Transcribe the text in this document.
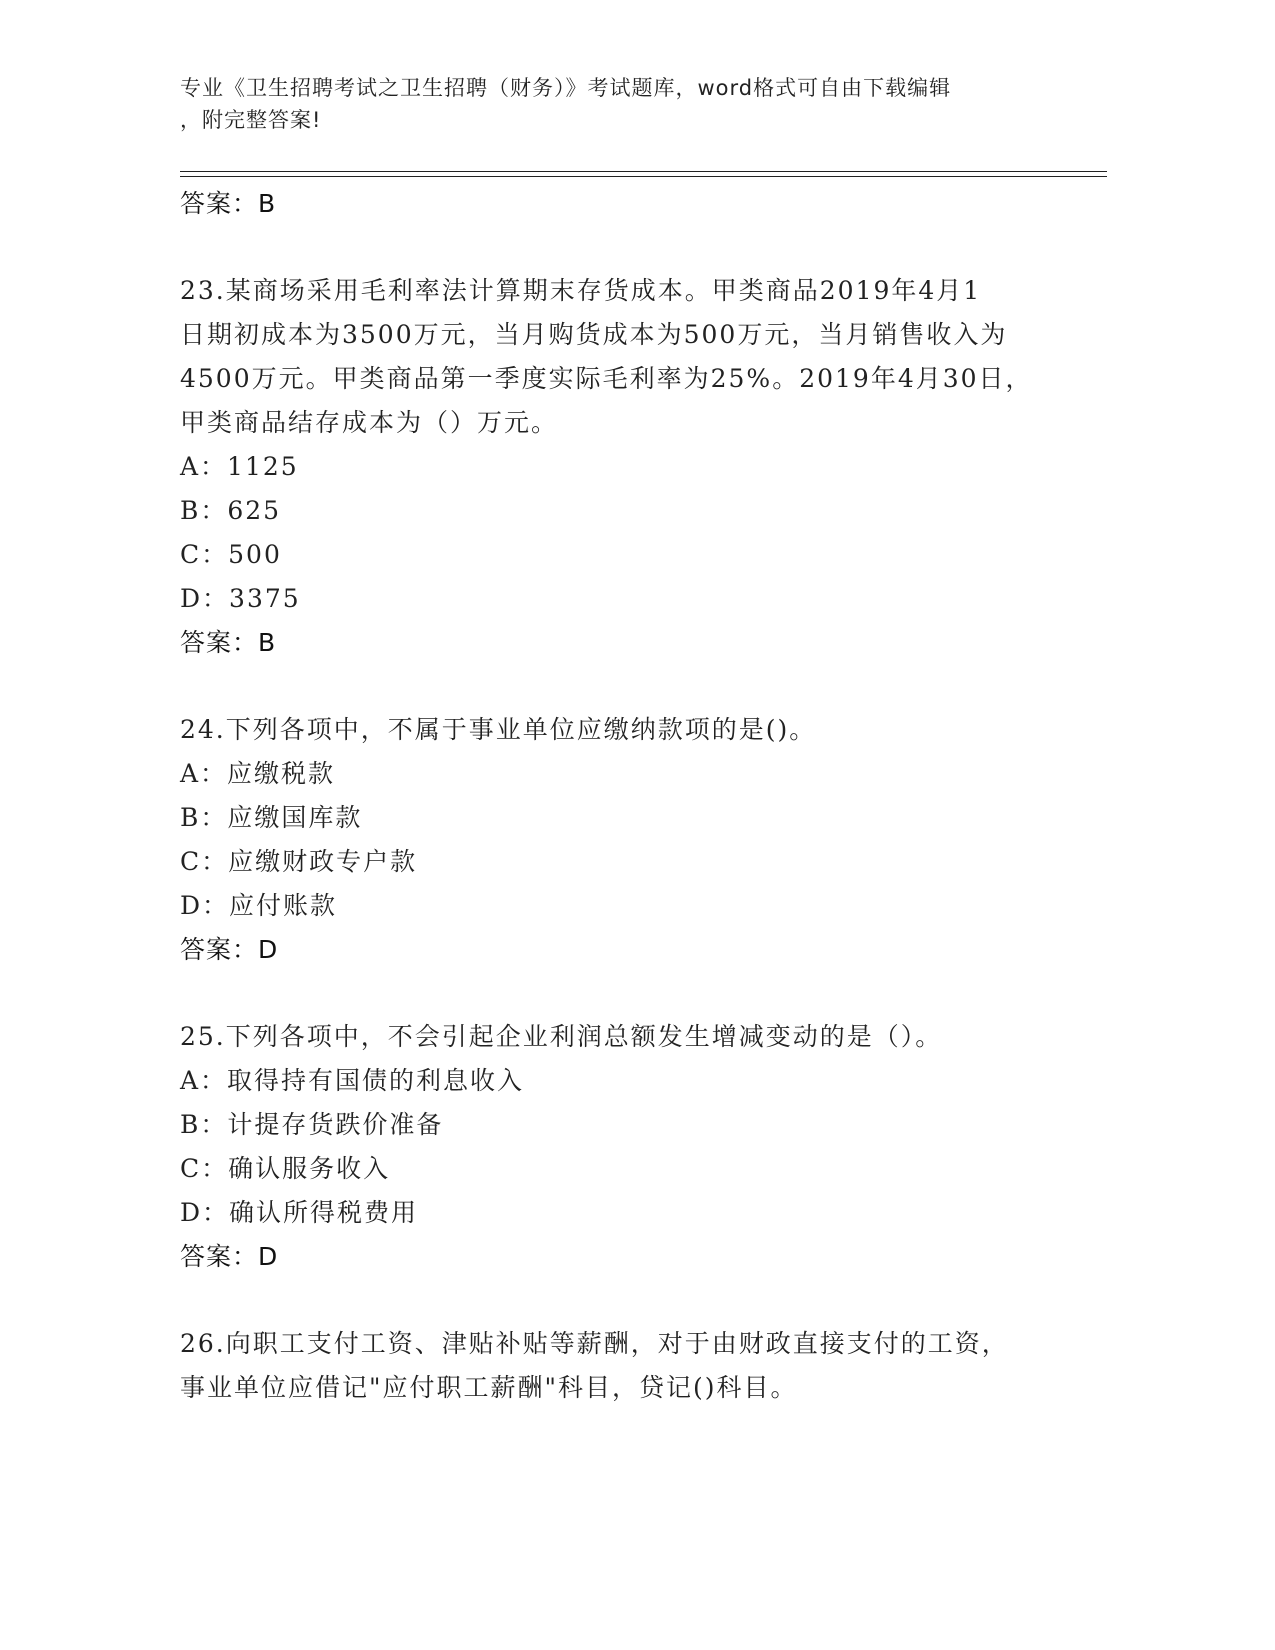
专业《卫生招聘考试之卫生招聘（财务）》考试题库，word格式可自由下载编辑
，附完整答案!
答案：B
23.某商场采用毛利率法计算期末存货成本。甲类商品2019年4月1
日期初成本为3500万元，当月购货成本为500万元，当月销售收入为
4500万元。甲类商品第一季度实际毛利率为25%。2019年4月30日，
甲类商品结存成本为（）万元。
A：1125
B：625
C：500
D：3375
答案：B
24.下列各项中，不属于事业单位应缴纳款项的是()。
A：应缴税款
B：应缴国库款
C：应缴财政专户款
D：应付账款
答案：D
25.下列各项中，不会引起企业利润总额发生增减变动的是（）。
A：取得持有国债的利息收入
B：计提存货跌价准备
C：确认服务收入
D：确认所得税费用
答案：D
26.向职工支付工资、津贴补贴等薪酬，对于由财政直接支付的工资，
事业单位应借记"应付职工薪酬"科目，贷记()科目。
